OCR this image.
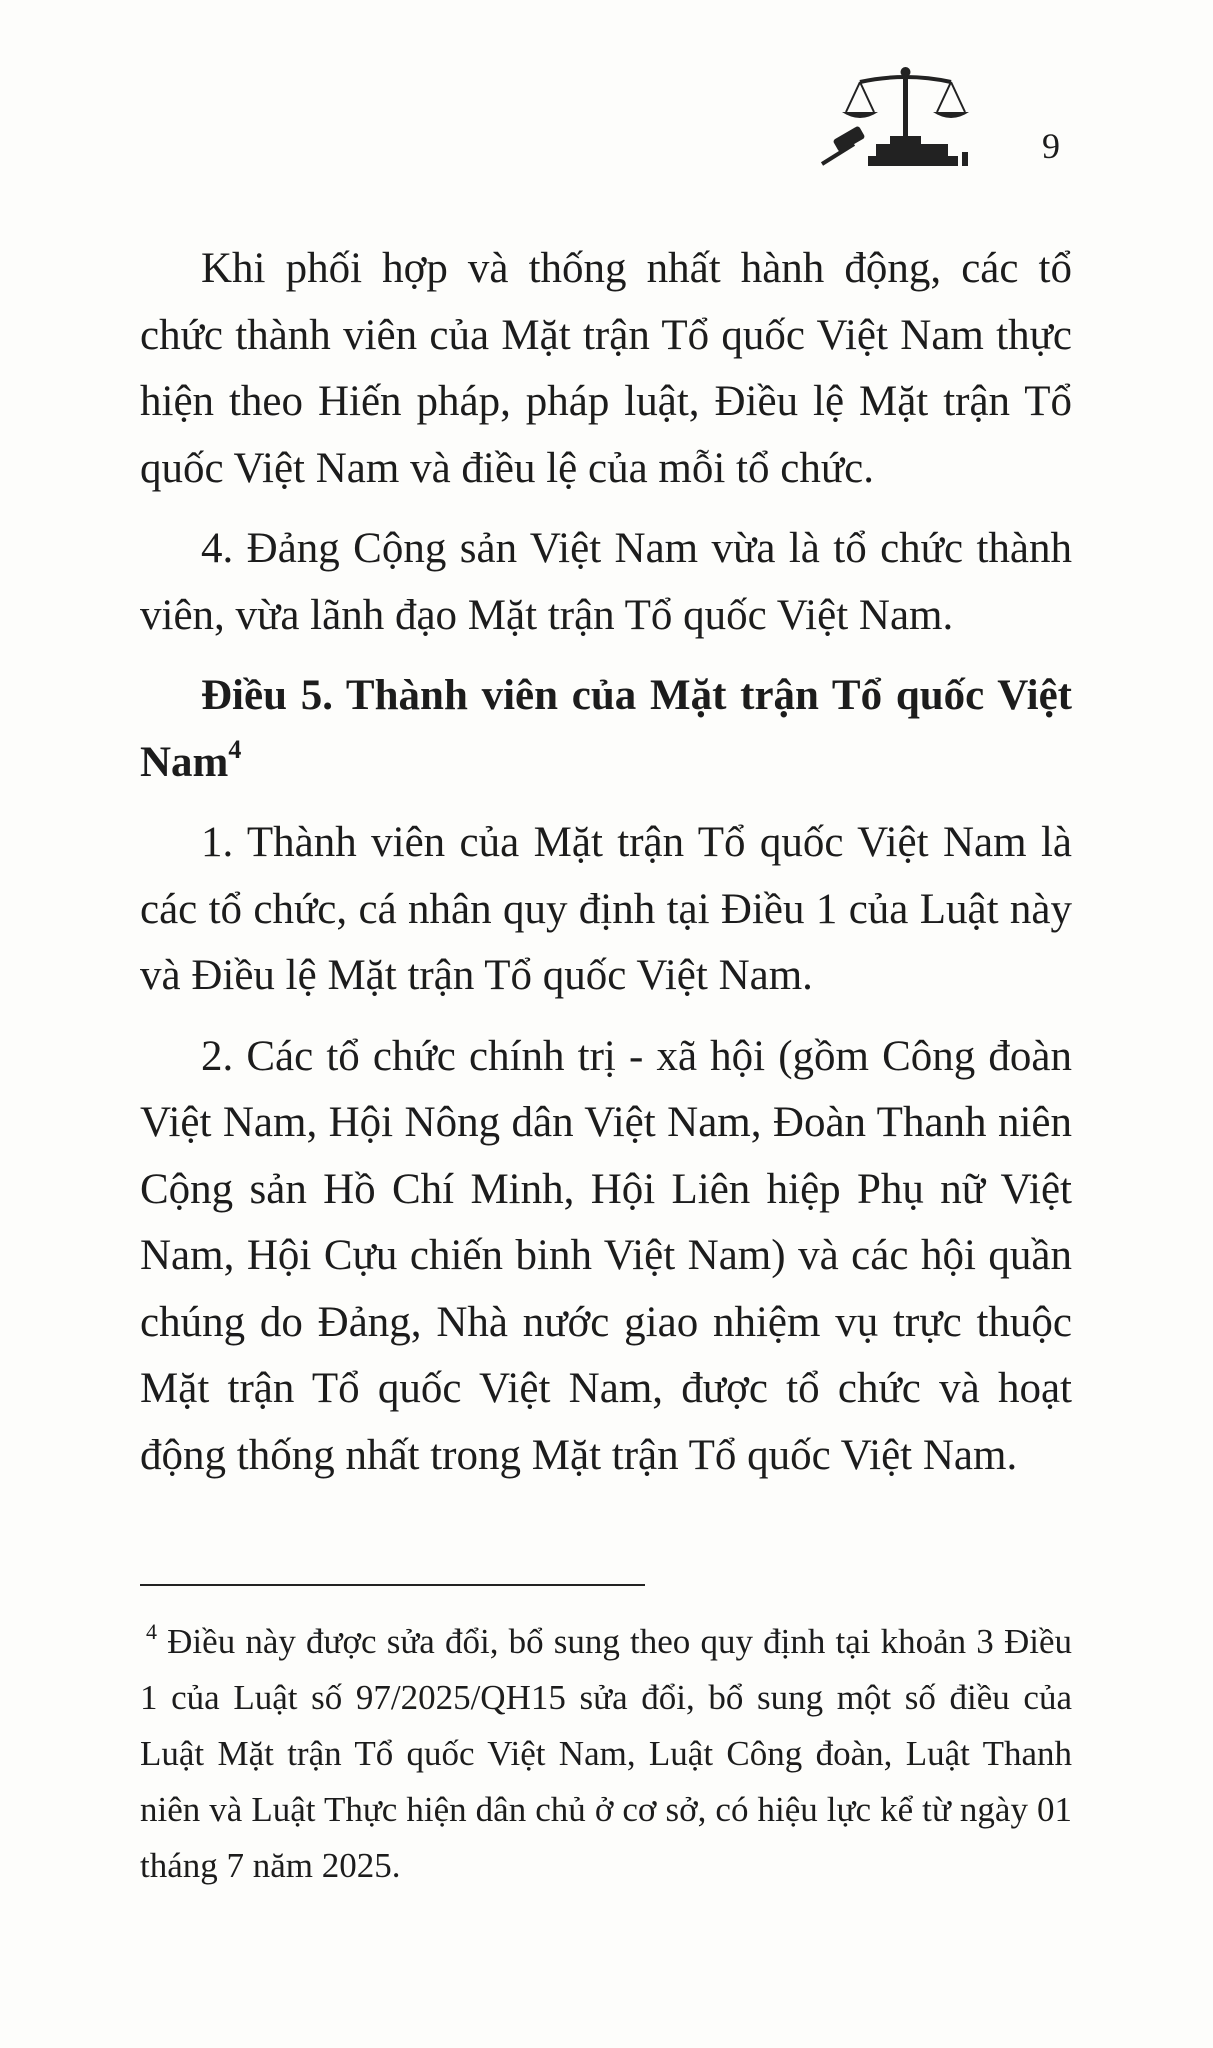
9

Khi phối hợp và thống nhất hành động, các tổ chức thành viên của Mặt trận Tổ quốc Việt Nam thực hiện theo Hiến pháp, pháp luật, Điều lệ Mặt trận Tổ quốc Việt Nam và điều lệ của mỗi tổ chức.

4. Đảng Cộng sản Việt Nam vừa là tổ chức thành viên, vừa lãnh đạo Mặt trận Tổ quốc Việt Nam.

Điều 5. Thành viên của Mặt trận Tổ quốc Việt Nam$^4$

1. Thành viên của Mặt trận Tổ quốc Việt Nam là các tổ chức, cá nhân quy định tại Điều 1 của Luật này và Điều lệ Mặt trận Tổ quốc Việt Nam.

2. Các tổ chức chính trị - xã hội (gồm Công đoàn Việt Nam, Hội Nông dân Việt Nam, Đoàn Thanh niên Cộng sản Hồ Chí Minh, Hội Liên hiệp Phụ nữ Việt Nam, Hội Cựu chiến binh Việt Nam) và các hội quần chúng do Đảng, Nhà nước giao nhiệm vụ trực thuộc Mặt trận Tổ quốc Việt Nam, được tổ chức và hoạt động thống nhất trong Mặt trận Tổ quốc Việt Nam.

$^4$ Điều này được sửa đổi, bổ sung theo quy định tại khoản 3 Điều 1 của Luật số 97/2025/QH15 sửa đổi, bổ sung một số điều của Luật Mặt trận Tổ quốc Việt Nam, Luật Công đoàn, Luật Thanh niên và Luật Thực hiện dân chủ ở cơ sở, có hiệu lực kể từ ngày 01 tháng 7 năm 2025.
